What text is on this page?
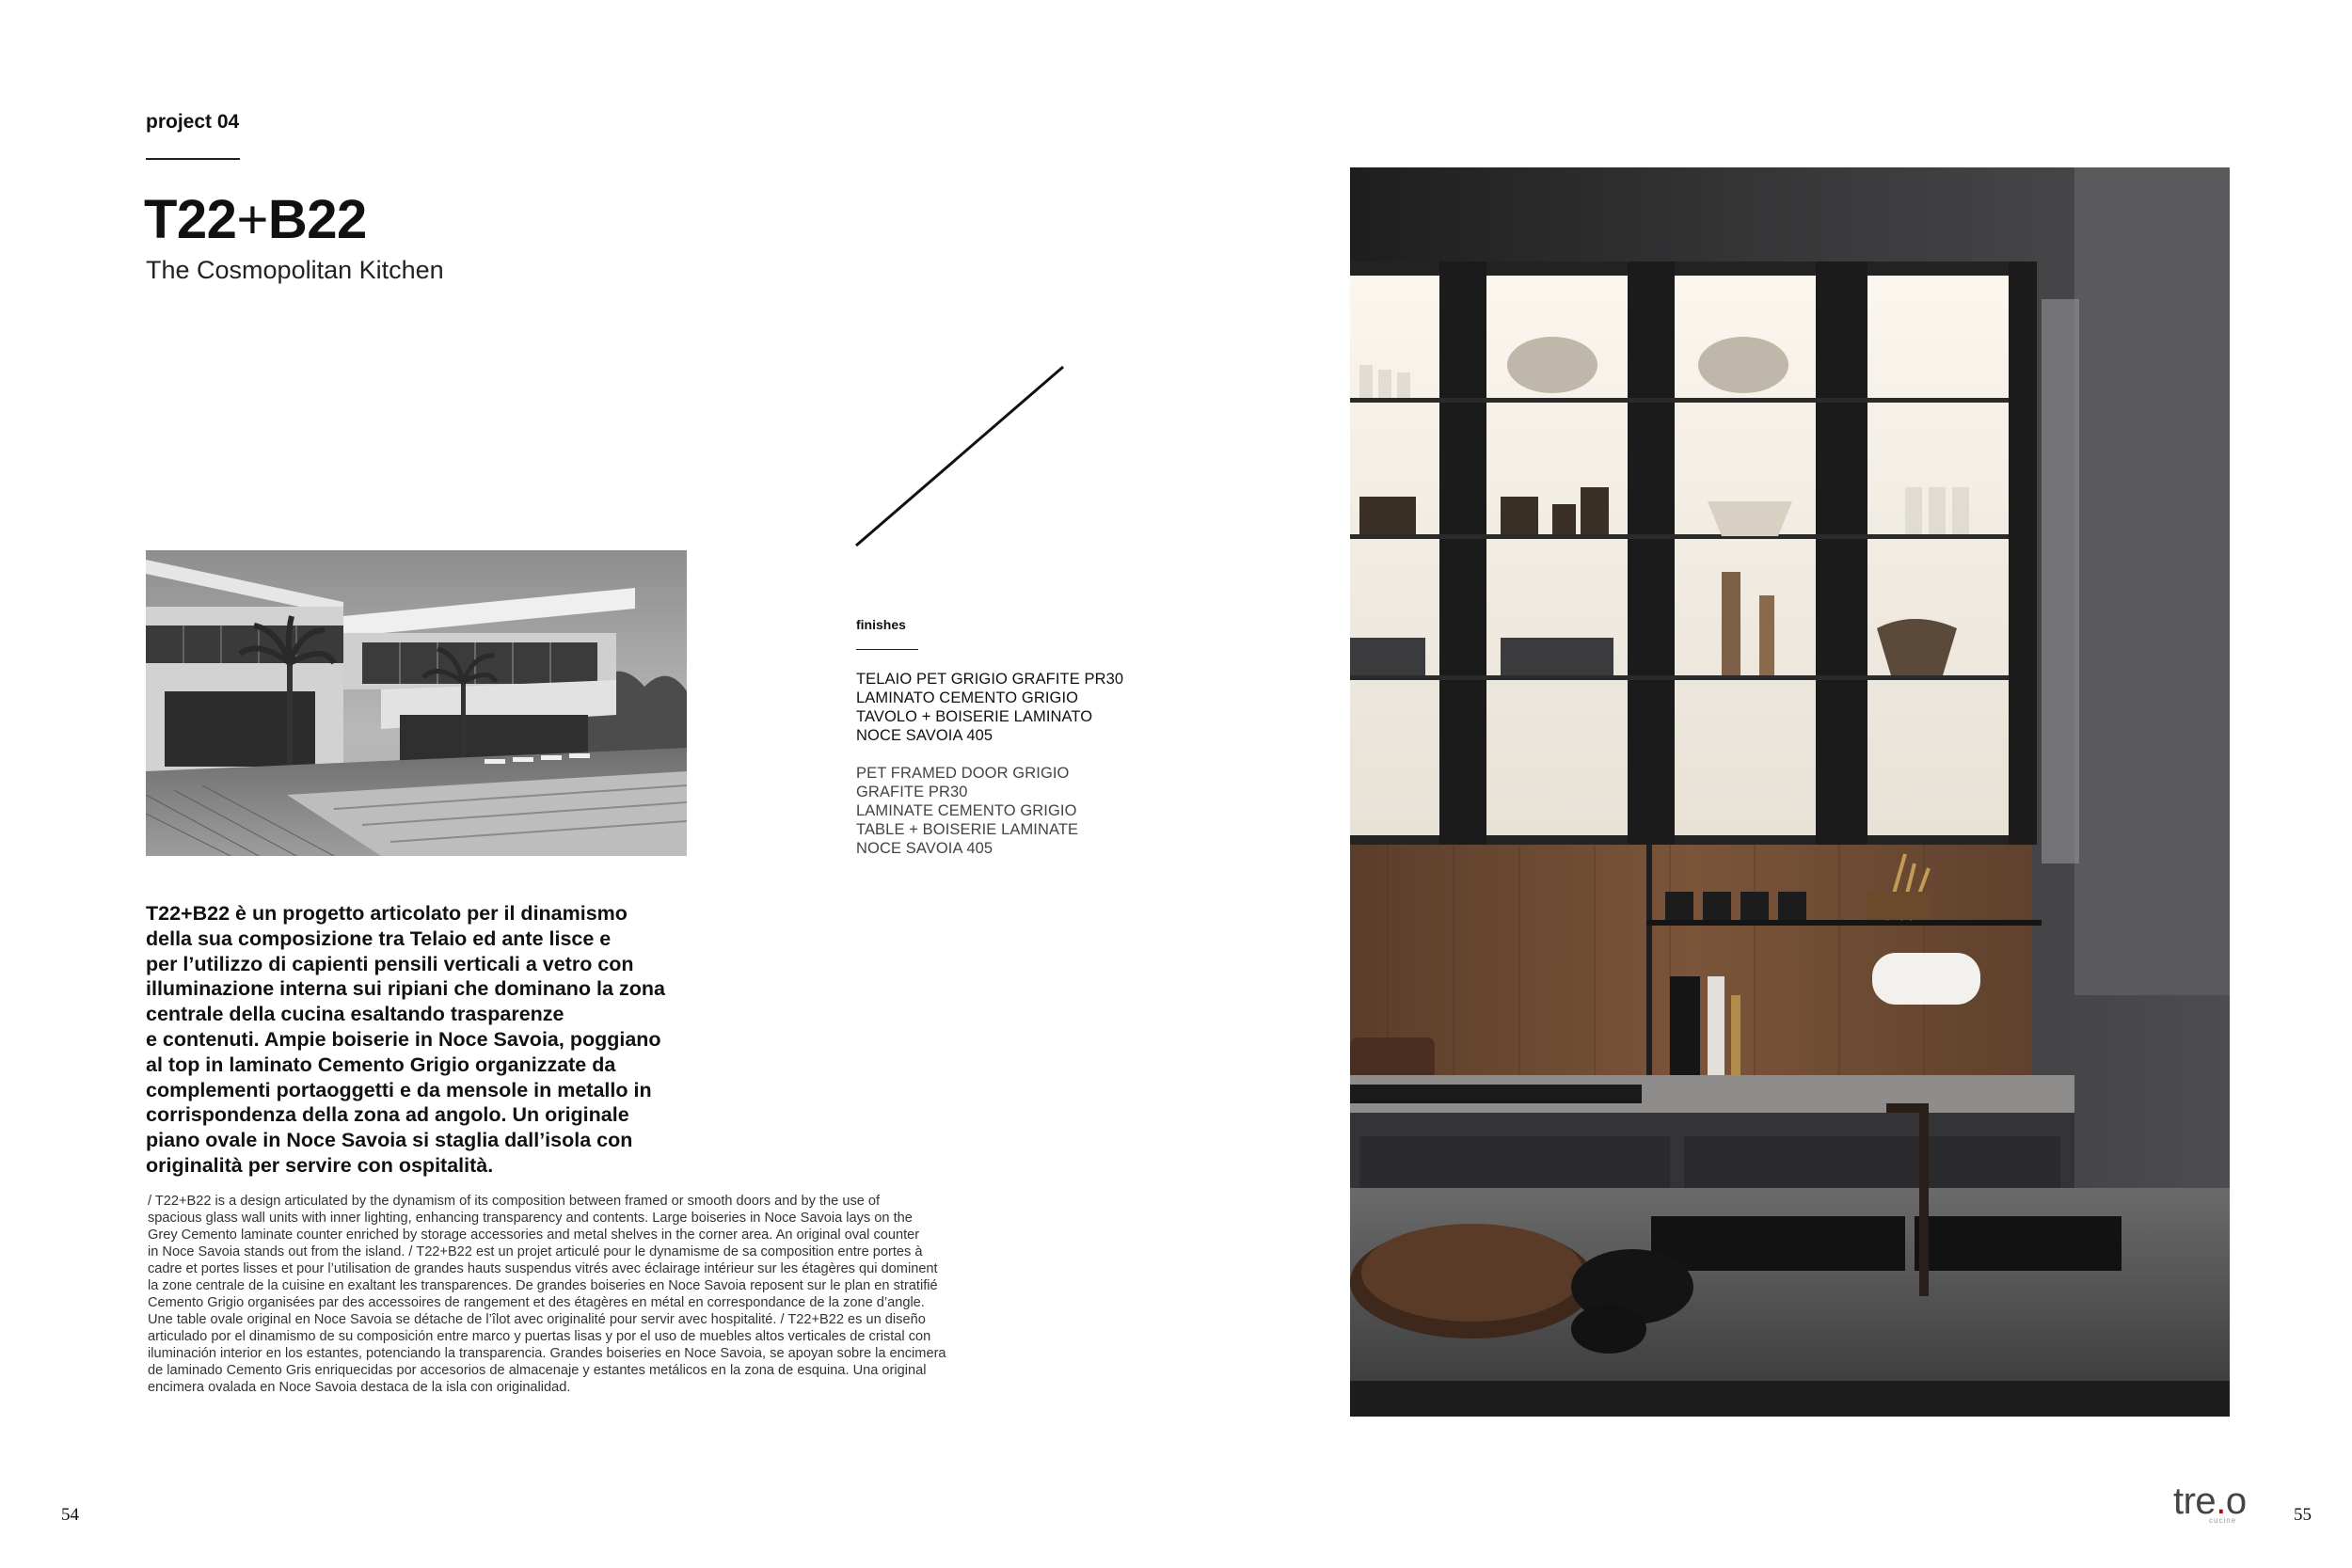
project 04

T22+B22
The Cosmopolitan Kitchen

finishes

TELAIO PET GRIGIO GRAFITE PR30
LAMINATO CEMENTO GRIGIO
TAVOLO + BOISERIE LAMINATO
NOCE SAVOIA 405
PET FRAMED DOOR GRIGIO
GRAFITE PR30
LAMINATE CEMENTO GRIGIO
TABLE + BOISERIE LAMINATE
NOCE SAVOIA 405
T22+B22 è un progetto articolato per il dinamismo
della sua composizione tra Telaio ed ante lisce e
per l’utilizzo di capienti pensili verticali a vetro con
illuminazione interna sui ripiani che dominano la zona
centrale della cucina esaltando trasparenze
e contenuti. Ampie boiserie in Noce Savoia, poggiano
al top in laminato Cemento Grigio organizzate da
complementi portaoggetti e da mensole in metallo in
corrispondenza della zona ad angolo. Un originale
piano ovale in Noce Savoia si staglia dall’isola con
originalità per servire con ospitalità.
/ T22+B22 is a design articulated by the dynamism of its composition between framed or smooth doors and by the use of
spacious glass wall units with inner lighting, enhancing transparency and contents. Large boiseries in Noce Savoia lays on the
Grey Cemento laminate counter enriched by storage accessories and metal shelves in the corner area. An original oval counter
in Noce Savoia stands out from the island. / T22+B22 est un projet articulé pour le dynamisme de sa composition entre portes à
cadre et portes lisses et pour l’utilisation de grandes hauts suspendus vitrés avec éclairage intérieur sur les étagères qui dominent
la zone centrale de la cuisine en exaltant les transparences. De grandes boiseries en Noce Savoia reposent sur le plan en stratifié
Cemento Grigio organisées par des accessoires de rangement et des étagères en métal en correspondance de la zone d’angle.
Une table ovale original en Noce Savoia se détache de l’îlot avec originalité pour servir avec hospitalité. / T22+B22 es un diseño
articulado por el dinamismo de su composición entre marco y puertas lisas y por el uso de muebles altos verticales de cristal con
iluminación interior en los estantes, potenciando la transparencia. Grandes boiseries en Noce Savoia, se apoyan sobre la encimera
de laminado Cemento Gris enriquecidas por accesorios de almacenaje y estantes metálicos en la zona de esquina. Una original
encimera ovalada en Noce Savoia destaca de la isla con originalidad.

54	55

tre.o
cucine
